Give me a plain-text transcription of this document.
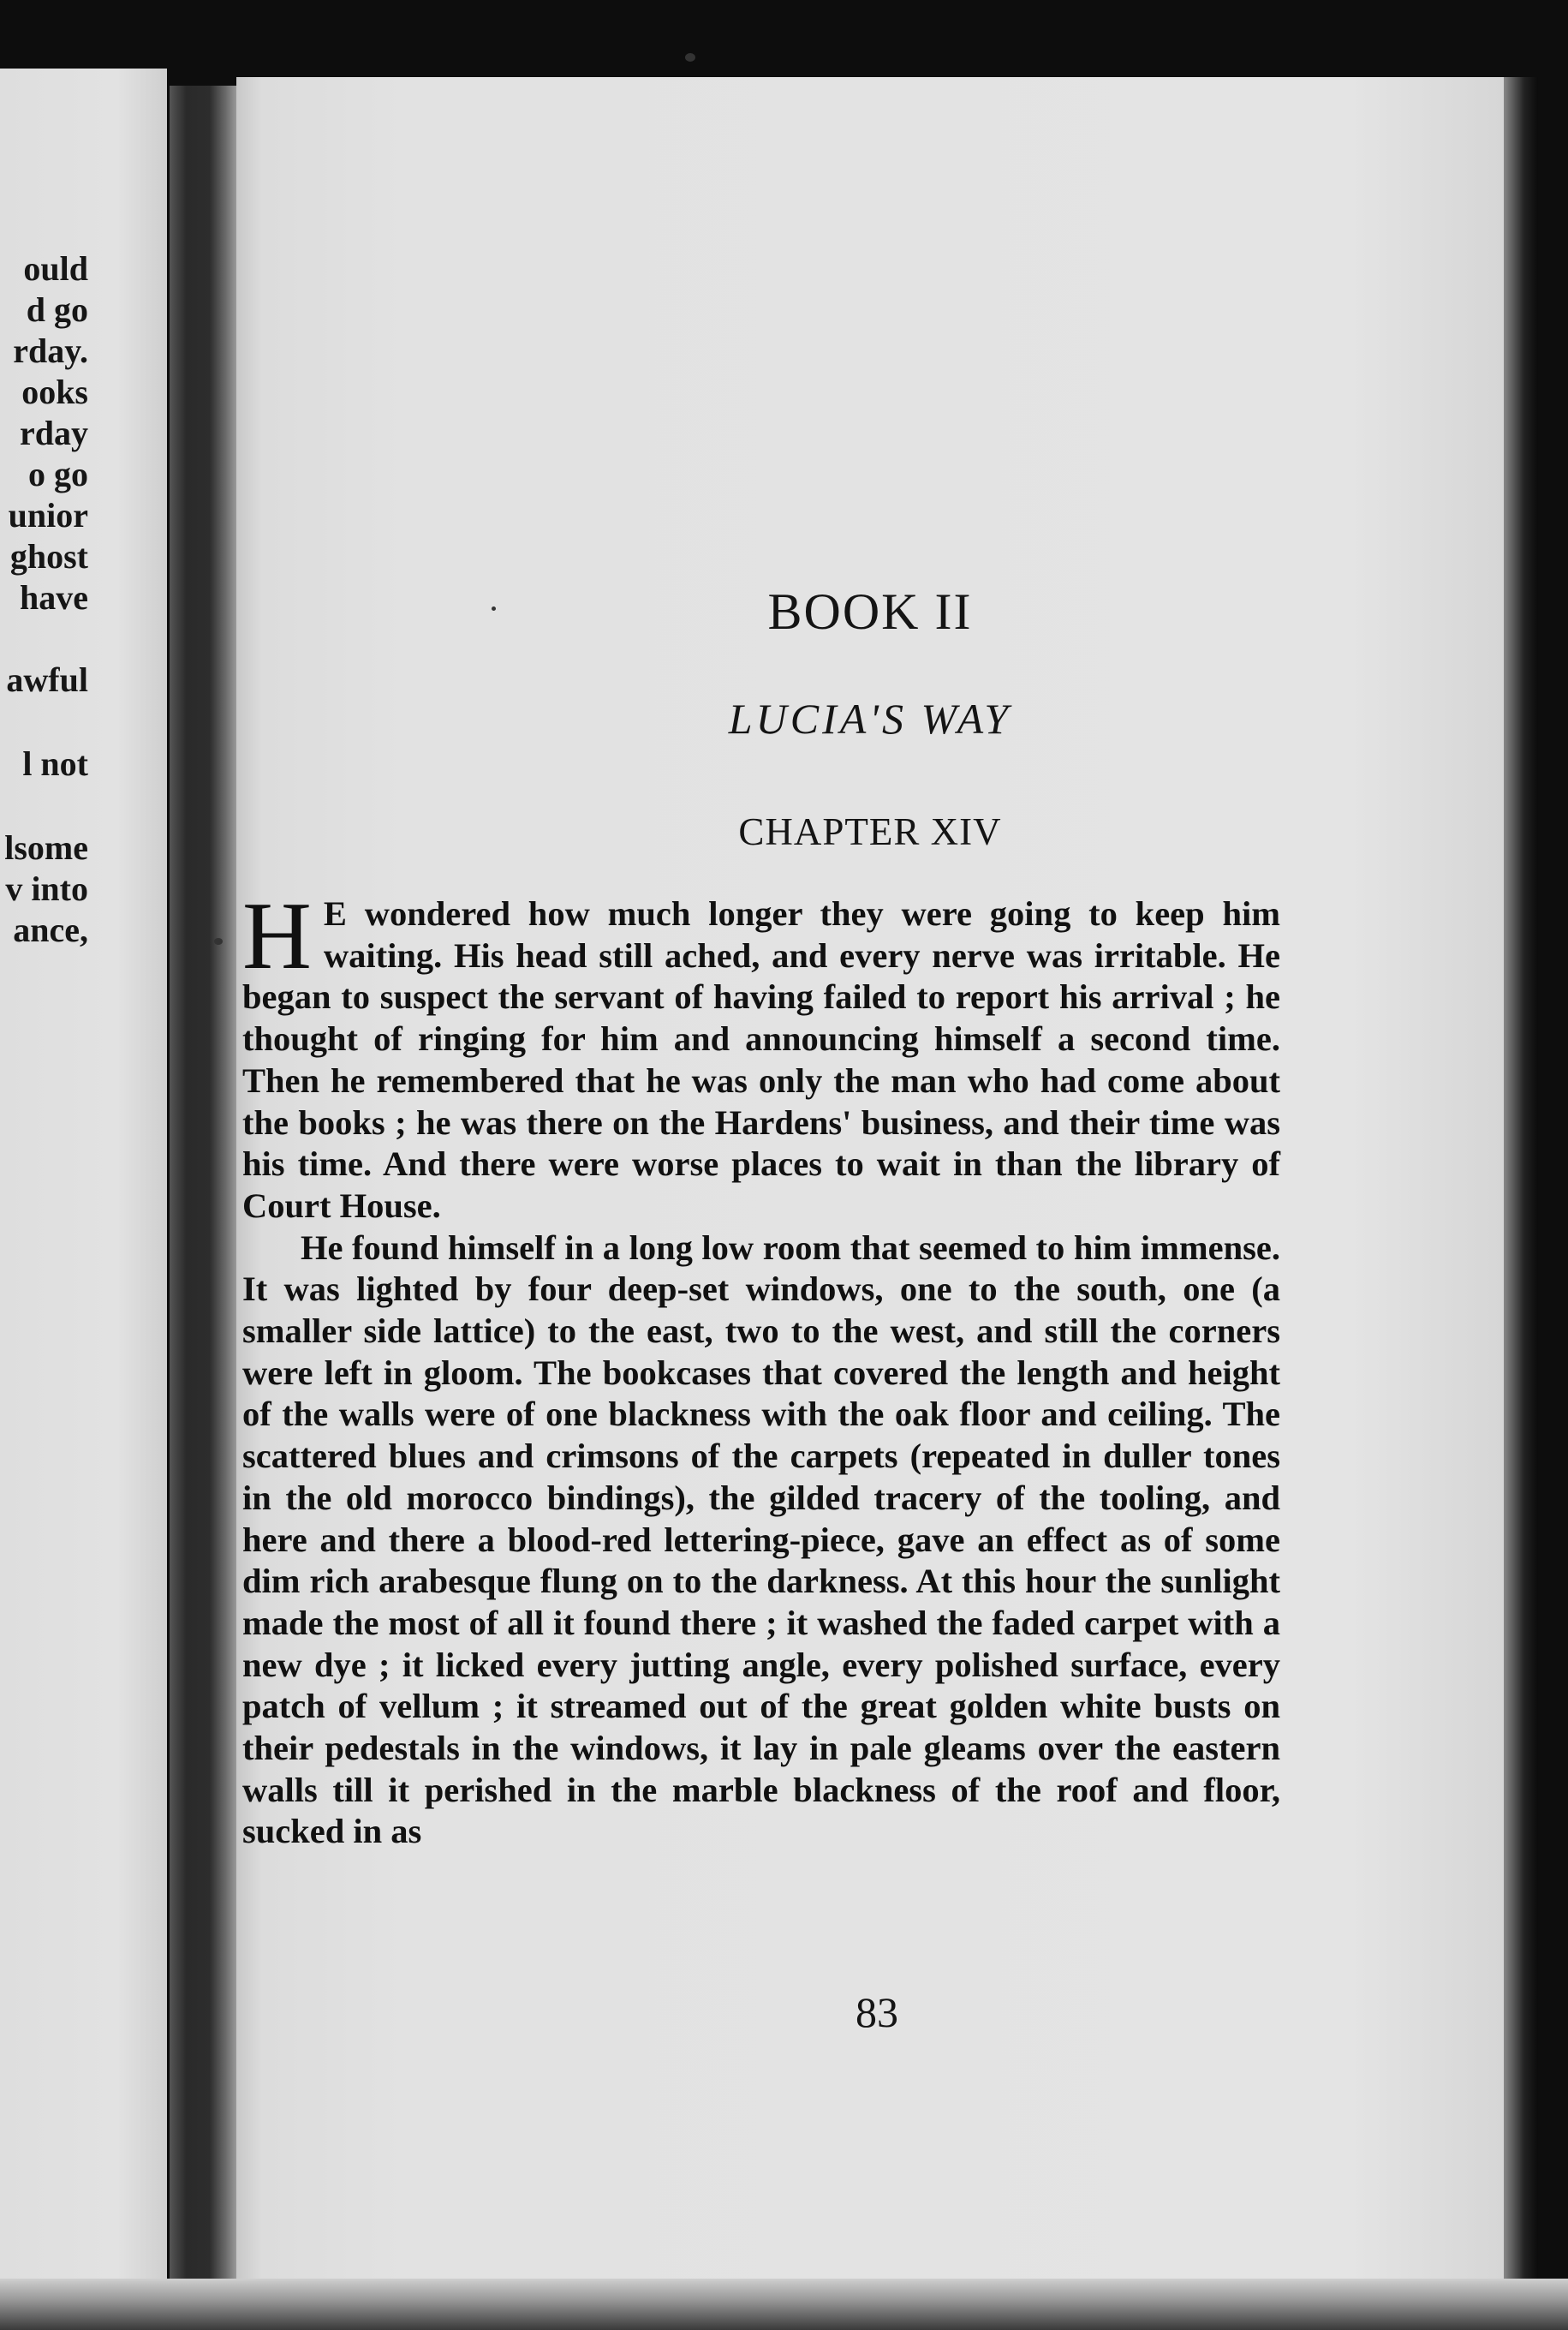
ould
d go
rday.
ooks
rday
o go
unior
ghost
have
awful
l not
lsome
v into
ance,
BOOK II
LUCIA'S WAY
CHAPTER XIV

H E wondered how much longer they were going to keep him waiting. His head still ached, and every nerve was irritable. He began to suspect the servant of having failed to report his arrival ; he thought of ringing for him and announcing himself a second time. Then he remembered that he was only the man who had come about the books ; he was there on the Hardens' business, and their time was his time. And there were worse places to wait in than the library of Court House.

He found himself in a long low room that seemed to him immense. It was lighted by four deep-set windows, one to the south, one (a smaller side lattice) to the east, two to the west, and still the corners were left in gloom. The bookcases that covered the length and height of the walls were of one blackness with the oak floor and ceiling. The scattered blues and crimsons of the carpets (repeated in duller tones in the old morocco bindings), the gilded tracery of the tooling, and here and there a blood-red lettering-piece, gave an effect as of some dim rich arabesque flung on to the darkness. At this hour the sunlight made the most of all it found there ; it washed the faded carpet with a new dye ; it licked every jutting angle, every polished surface, every patch of vellum ; it streamed out of the great golden white busts on their pedestals in the windows, it lay in pale gleams over the eastern walls till it perished in the marble blackness of the roof and floor, sucked in as

83
